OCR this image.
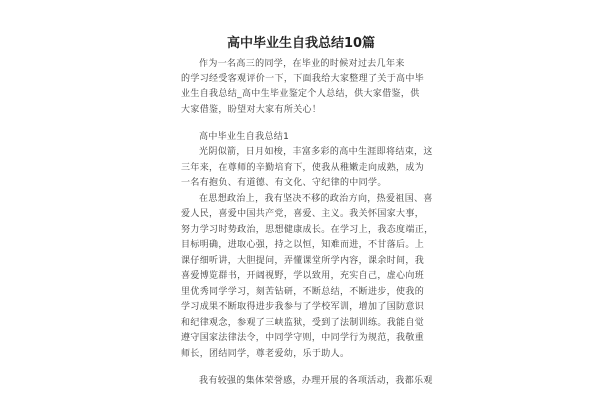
高中毕业生自我总结10篇
作为一名高三的同学，在毕业的时候对过去几年来
的学习经受客观评价一下，下面我给大家整理了关于高中毕
业生自我总结_高中生毕业鉴定个人总结，供大家借鉴，供
大家借鉴，盼望对大家有所关心！
高中毕业生自我总结1
光阴似箭，日月如梭，丰富多彩的高中生涯即将结束，这
三年来，在尊师的辛勤培育下，使我从稚嫩走向成熟，成为
一名有抱负、有道德、有文化、守纪律的中同学。
在思想政治上，我有坚决不移的政治方向，热爱祖国、喜
爱人民，喜爱中国共产党，喜爱、主义。我关怀国家大事，
努力学习时势政治，思想健康成长。在学习上，我态度端正，
目标明确，进取心强，持之以恒，知难而进，不甘落后。上
课仔细听讲，大胆提问，弄懂课堂所学内容，课余时间，我
喜爱博览群书，开阔视野，学以致用，充实自己，虚心向班
里优秀同学学习，刻苦钻研，不断总结，不断进步，使我的
学习成果不断取得进步我参与了学校军训，增加了国防意识
和纪律观念，参观了三峡监狱，受到了法制训练。我能自觉
遵守国家法律法令，中同学守则，中同学行为规范，我敬重
师长，团结同学，尊老爱幼，乐于助人。
我有较强的集体荣誉感，办理开展的各项活动，我都乐观
